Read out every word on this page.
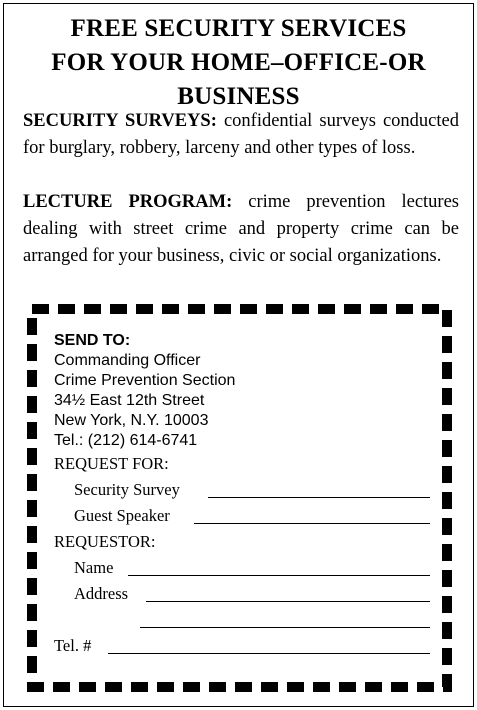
FREE SECURITY SERVICES
FOR YOUR HOME–OFFICE-OR
BUSINESS
SECURITY SURVEYS: confidential surveys conducted for burglary, robbery, larceny and other types of loss.
LECTURE PROGRAM: crime prevention lectures dealing with street crime and property crime can be arranged for your business, civic or social organizations.
SEND TO:
Commanding Officer
Crime Prevention Section
34½ East 12th Street
New York, N.Y. 10003
Tel.: (212) 614-6741
REQUEST FOR:
Security Survey
Guest Speaker
REQUESTOR:
Name
Address
Tel. #
